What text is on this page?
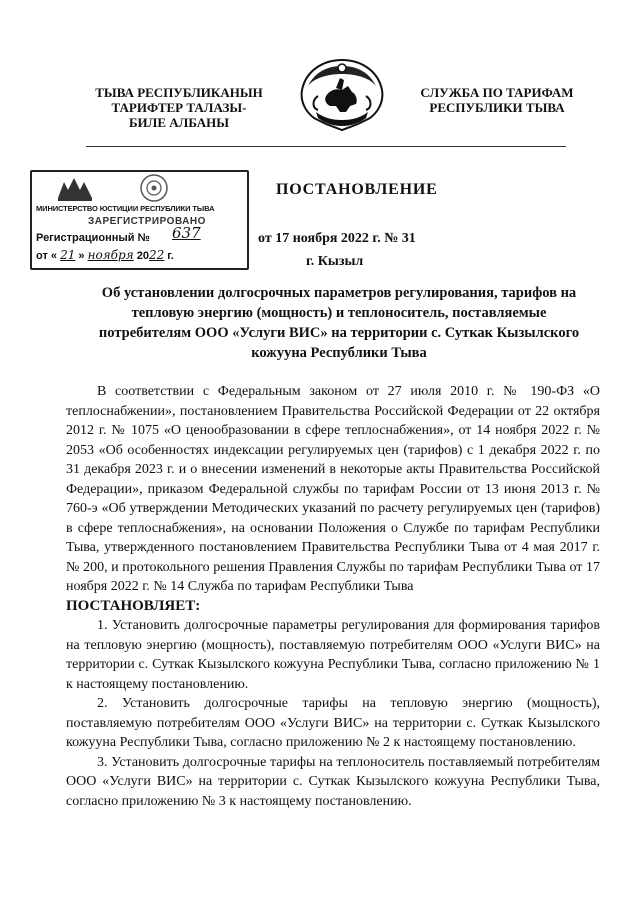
ТЫВА РЕСПУБЛИКАНЫН
ТАРИФТЕР ТАЛАЗЫ-
БИЛЕ АЛБАНЫ
СЛУЖБА ПО ТАРИФАМ
РЕСПУБЛИКИ ТЫВА
МИНИСТЕРСТВО ЮСТИЦИИ РЕСПУБЛИКИ ТЫВА
ЗАРЕГИСТРИРОВАНО
Регистрационный № 637
от « 21 » ноября 2022 г.
ПОСТАНОВЛЕНИЕ
от 17 ноября 2022 г. № 31
г. Кызыл
Об установлении долгосрочных параметров регулирования, тарифов на
тепловую энергию (мощность) и теплоноситель, поставляемые
потребителям ООО «Услуги ВИС» на территории с. Суткак Кызылского
кожууна Республики Тыва

В соответствии с Федеральным законом от 27 июля 2010 г. № 190-ФЗ «О теплоснабжении», постановлением Правительства Российской Федерации от 22 октября 2012 г. № 1075 «О ценообразовании в сфере теплоснабжения», от 14 ноября 2022 г. № 2053 «Об особенностях индексации регулируемых цен (тарифов) с 1 декабря 2022 г. по 31 декабря 2023 г. и о внесении изменений в некоторые акты Правительства Российской Федерации», приказом Федеральной службы по тарифам России от 13 июня 2013 г. № 760-э «Об утверждении Методических указаний по расчету регулируемых цен (тарифов) в сфере теплоснабжения», на основании Положения о Службе по тарифам Республики Тыва, утвержденного постановлением Правительства Республики Тыва от 4 мая 2017 г. № 200, и протокольного решения Правления Службы по тарифам Республики Тыва от 17 ноября 2022 г. № 14 Служба по тарифам Республики Тыва

ПОСТАНОВЛЯЕТ:

1. Установить долгосрочные параметры регулирования для формирования тарифов на тепловую энергию (мощность), поставляемую потребителям ООО «Услуги ВИС» на территории с. Суткак Кызылского кожууна Республики Тыва, согласно приложению № 1 к настоящему постановлению.

2. Установить долгосрочные тарифы на тепловую энергию (мощность), поставляемую потребителям ООО «Услуги ВИС» на территории с. Суткак Кызылского кожууна Республики Тыва, согласно приложению № 2 к настоящему постановлению.

3. Установить долгосрочные тарифы на теплоноситель поставляемый потребителям ООО «Услуги ВИС» на территории с. Суткак Кызылского кожууна Республики Тыва, согласно приложению № 3 к настоящему постановлению.
